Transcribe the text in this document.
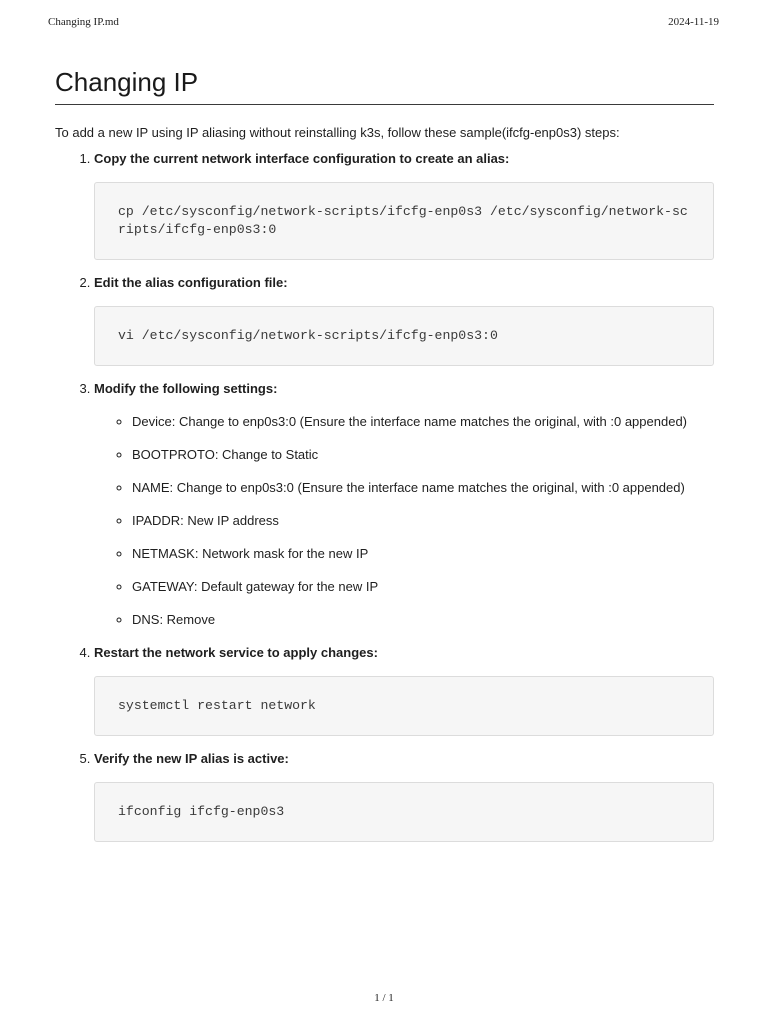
Changing IP.md	2024-11-19
Changing IP

To add a new IP using IP aliasing without reinstalling k3s, follow these sample(ifcfg-enp0s3) steps:

1. Copy the current network interface configuration to create an alias:
cp /etc/sysconfig/network-scripts/ifcfg-enp0s3 /etc/sysconfig/network-scripts/ifcfg-enp0s3:0
2. Edit the alias configuration file:
vi /etc/sysconfig/network-scripts/ifcfg-enp0s3:0
3. Modify the following settings:
◦ Device: Change to enp0s3:0 (Ensure the interface name matches the original, with :0 appended)
◦ BOOTPROTO: Change to Static
◦ NAME: Change to enp0s3:0 (Ensure the interface name matches the original, with :0 appended)
◦ IPADDR: New IP address
◦ NETMASK: Network mask for the new IP
◦ GATEWAY: Default gateway for the new IP
◦ DNS: Remove
4. Restart the network service to apply changes:
systemctl restart network
5. Verify the new IP alias is active:
ifconfig ifcfg-enp0s3
1 / 1
